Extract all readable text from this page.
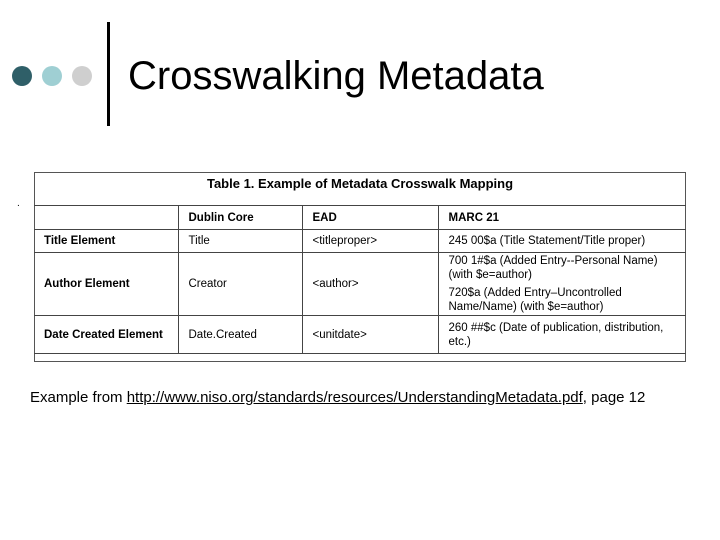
Crosswalking Metadata
.
Table 1. Example of Metadata Crosswalk Mapping
	Dublin Core	EAD	MARC 21
Title Element	Title	<titleproper>	245 00$a (Title Statement/Title proper)

Author Element	Creator	<author>	700 1#$a (Added Entry--Personal Name) (with $e=author)
720$a (Added Entry–Uncontrolled Name/Name) (with $e=author)

Date Created Element	Date.Created	<unitdate>	260 ##$c (Date of publication, distribution, etc.)
Example from http://www.niso.org/standards/resources/UnderstandingMetadata.pdf, page 12
